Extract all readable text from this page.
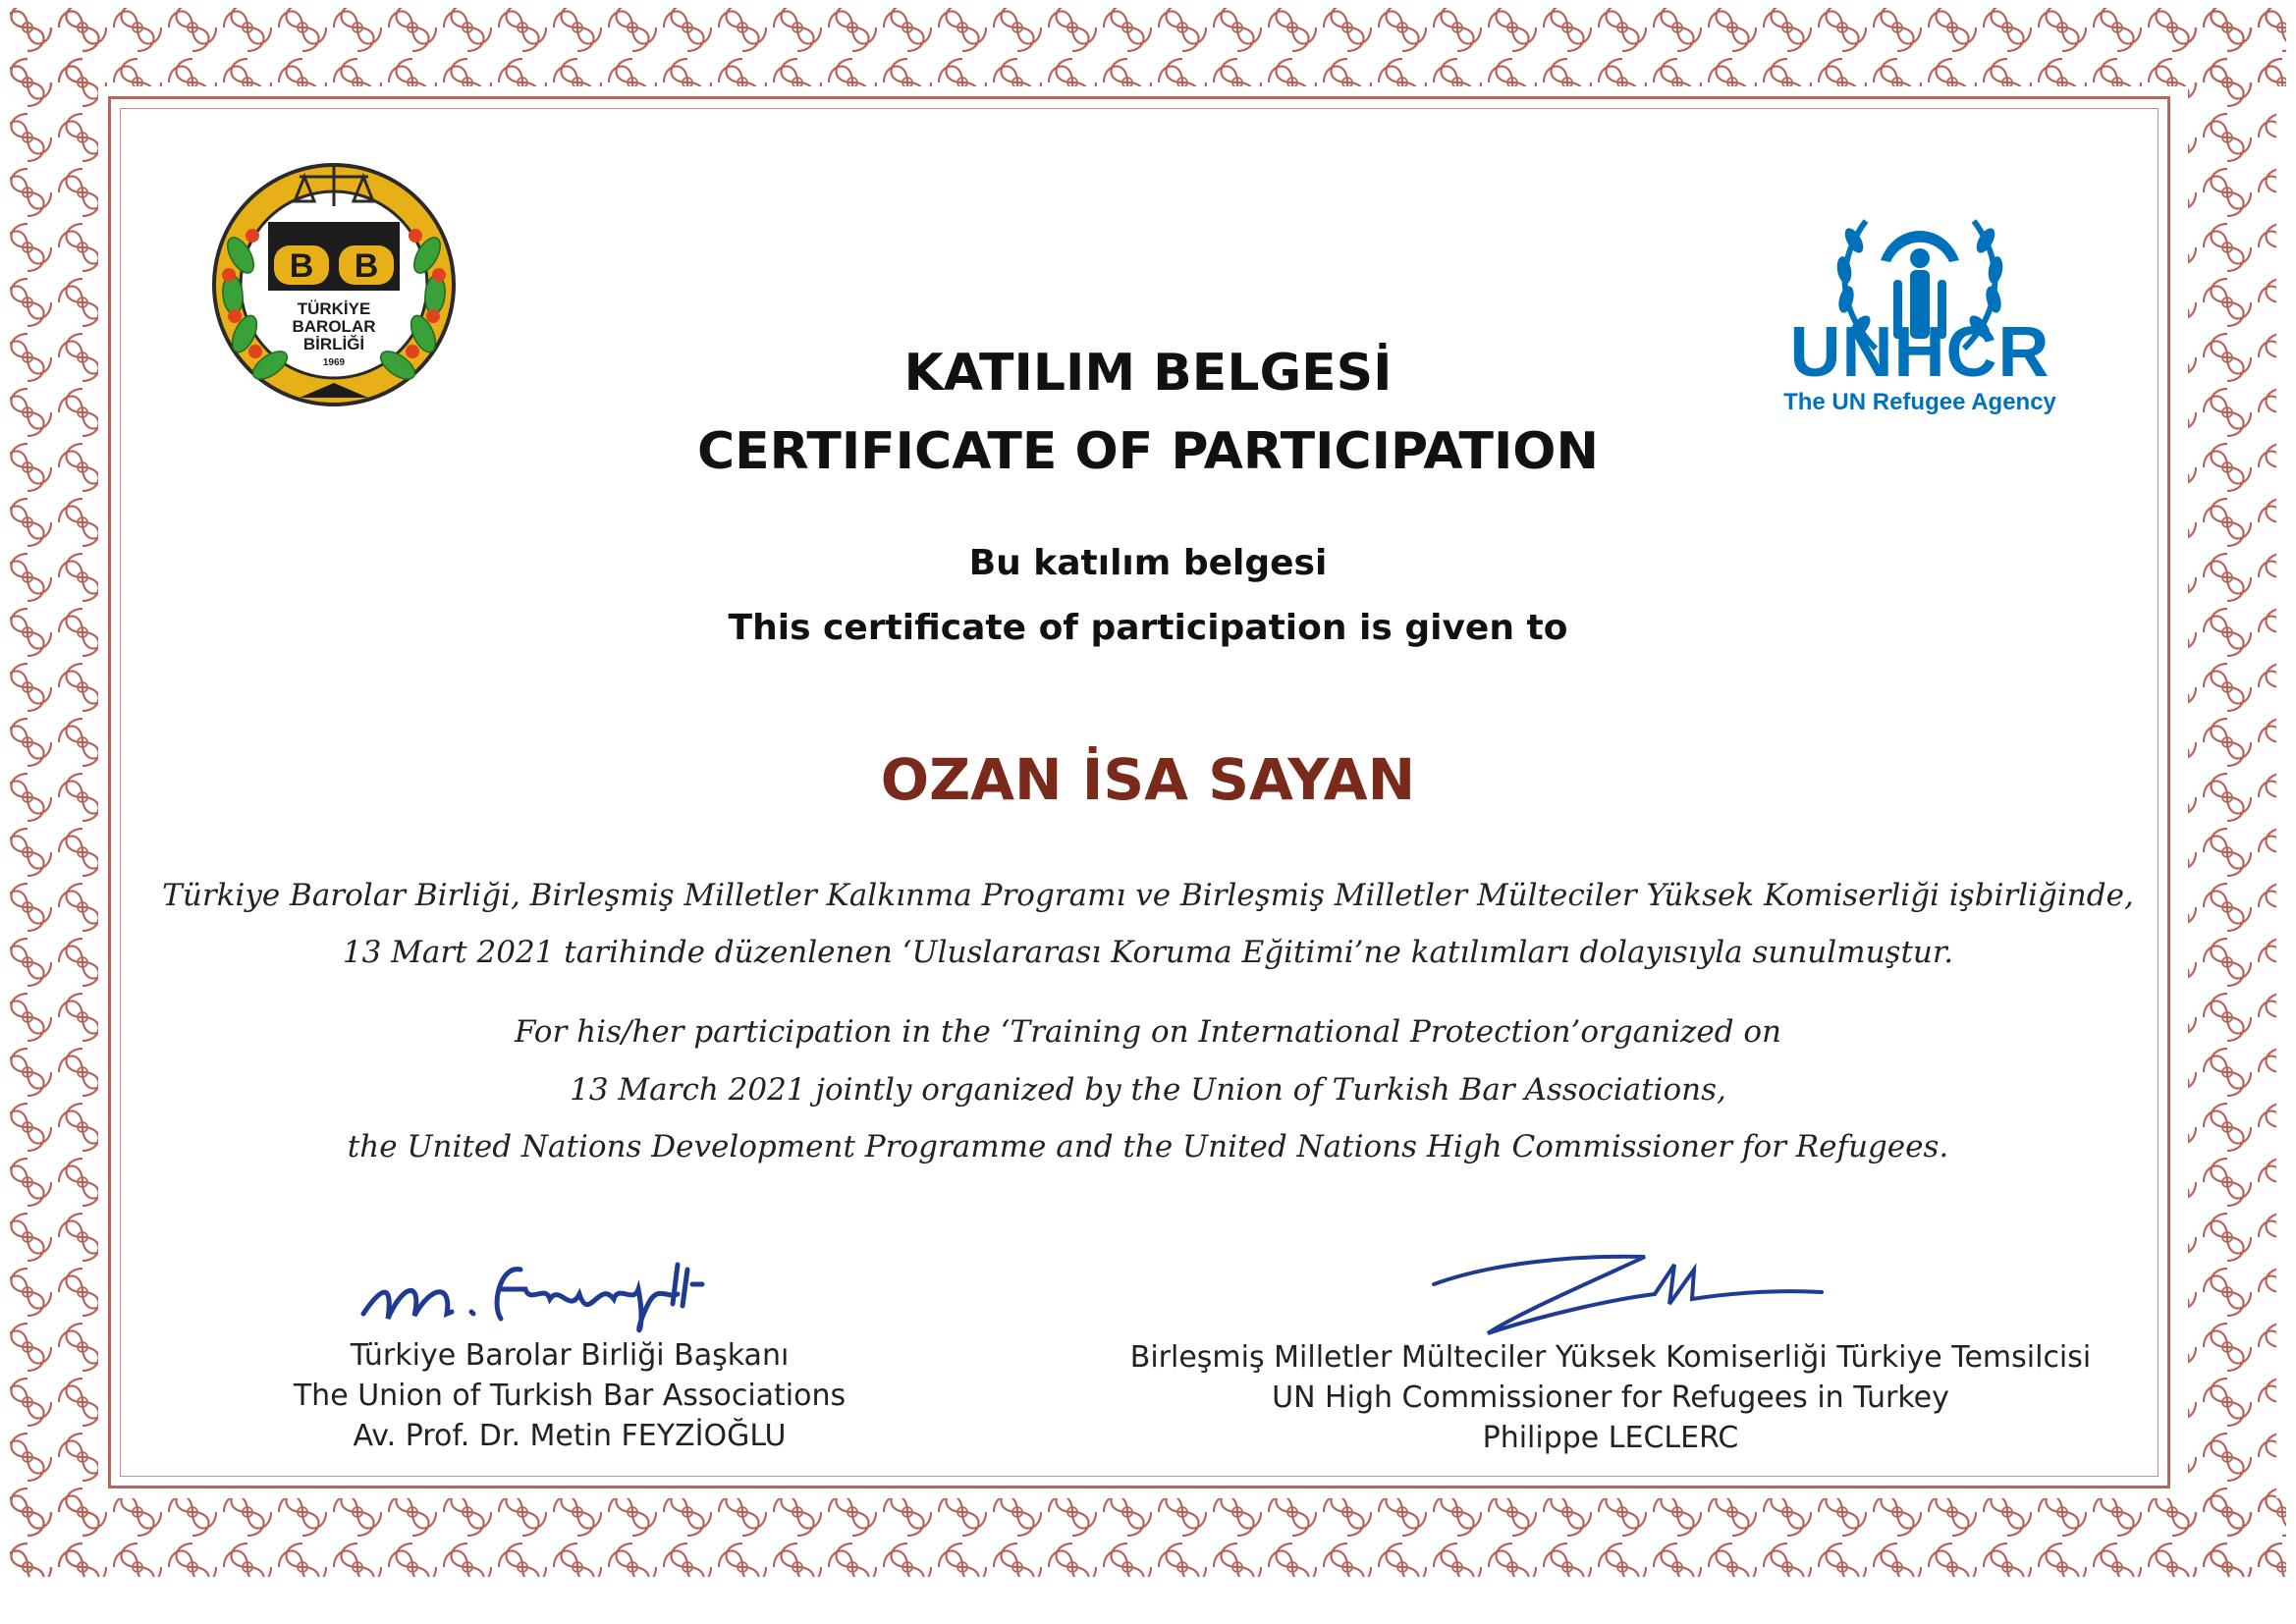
B B
TÜRKİYE
BAROLAR
BİRLİĞİ
1969	UNHCR
The UN Refugee Agency
KATILIM BELGESİ
CERTIFICATE OF PARTICIPATION
Bu katılım belgesi
This certificate of participation is given to
OZAN İSA SAYAN
Türkiye Barolar Birliği, Birleşmiş Milletler Kalkınma Programı ve Birleşmiş Milletler Mülteciler Yüksek Komiserliği işbirliğinde,
13 Mart 2021 tarihinde düzenlenen ‘Uluslararası Koruma Eğitimi’ne katılımları dolayısıyla sunulmuştur.
For his/her participation in the ‘Training on International Protection’organized on
13 March 2021 jointly organized by the Union of Turkish Bar Associations,
the United Nations Development Programme and the United Nations High Commissioner for Refugees.
Türkiye Barolar Birliği Başkanı
The Union of Turkish Bar Associations
Av. Prof. Dr. Metin FEYZİOĞLU
Birleşmiş Milletler Mülteciler Yüksek Komiserliği Türkiye Temsilcisi
UN High Commissioner for Refugees in Turkey
Philippe LECLERC
